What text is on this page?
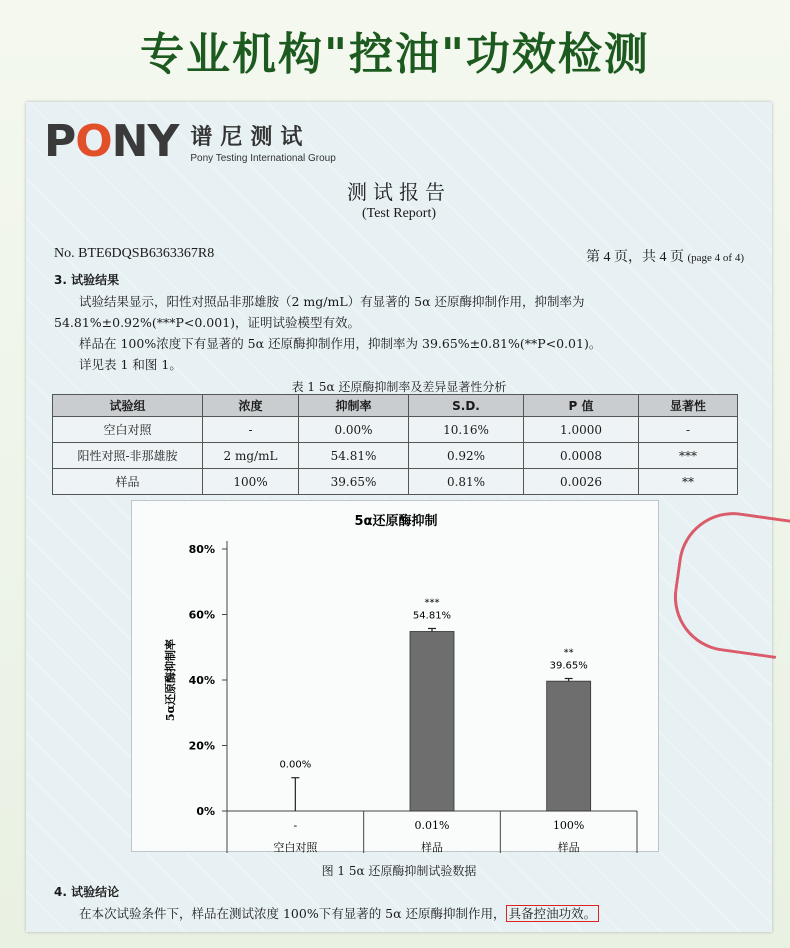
专业机构"控油"功效检测
PONY 谱尼测试
Pony Testing International Group
测试报告
(Test Report)
No. BTE6DQSB6363367R8	第 4 页，共 4 页 (page 4 of 4)
3. 试验结果
试验结果显示，阳性对照品非那雄胺（2 mg/mL）有显著的 5α 还原酶抑制作用，抑制率为
54.81%±0.92%(***P<0.001)，证明试验模型有效。
样品在 100%浓度下有显著的 5α 还原酶抑制作用，抑制率为 39.65%±0.81%(**P<0.01)。
详见表 1 和图 1。
表 1 5α 还原酶抑制率及差异显著性分析
试验组	浓度	抑制率	S.D.	P 值	显著性
空白对照	-	0.00%	10.16%	1.0000	-
阳性对照-非那雄胺	2 mg/mL	54.81%	0.92%	0.0008	***
样品	100%	39.65%	0.81%	0.0026	**
5α还原酶抑制
0%
20%
40%
60%
80%
5α还原酶抑制率
0.00%
-
空白对照
54.81%
***
0.01%
样品
39.65%
**
100%
样品
图 1 5α 还原酶抑制试验数据
4. 试验结论
在本次试验条件下，样品在测试浓度 100%下有显著的 5α 还原酶抑制作用， 具备控油功效。
